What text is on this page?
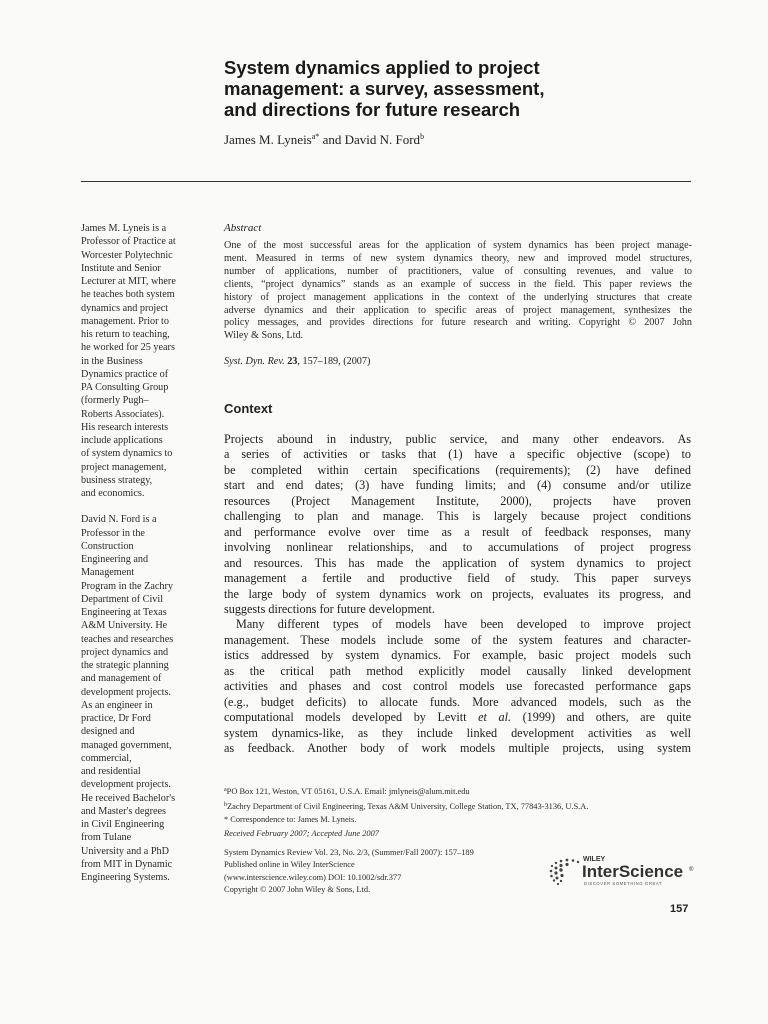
System dynamics applied to project
management: a survey, assessment,
and directions for future research
James M. Lyneis$^{a*}$ and David N. Ford$^b$
James M. Lyneis is a
Professor of Practice at
Worcester Polytechnic
Institute and Senior
Lecturer at MIT, where
he teaches both system
dynamics and project
management. Prior to
his return to teaching,
he worked for 25 years
in the Business
Dynamics practice of
PA Consulting Group
(formerly Pugh–
Roberts Associates).
His research interests
include applications
of system dynamics to
project management,
business strategy,
and economics.
David N. Ford is a
Professor in the
Construction
Engineering and
Management
Program in the Zachry
Department of Civil
Engineering at Texas
A&M University. He
teaches and researches
project dynamics and
the strategic planning
and management of
development projects.
As an engineer in
practice, Dr Ford
designed and
managed government,
commercial,
and residential
development projects.
He received Bachelor's
and Master's degrees
in Civil Engineering
from Tulane
University and a PhD
from MIT in Dynamic
Engineering Systems.
Abstract
One of the most successful areas for the application of system dynamics has been project manage-
ment. Measured in terms of new system dynamics theory, new and improved model structures,
number of applications, number of practitioners, value of consulting revenues, and value to
clients, “project dynamics” stands as an example of success in the field. This paper reviews the
history of project management applications in the context of the underlying structures that create
adverse dynamics and their application to specific areas of project management, synthesizes the
policy messages, and provides directions for future research and writing. Copyright © 2007 John
Wiley & Sons, Ltd.
Syst. Dyn. Rev. 23, 157–189, (2007)
Context
Projects abound in industry, public service, and many other endeavors. As
a series of activities or tasks that (1) have a specific objective (scope) to
be completed within certain specifications (requirements); (2) have defined
start and end dates; (3) have funding limits; and (4) consume and/or utilize
resources (Project Management Institute, 2000), projects have proven
challenging to plan and manage. This is largely because project conditions
and performance evolve over time as a result of feedback responses, many
involving nonlinear relationships, and to accumulations of project progress
and resources. This has made the application of system dynamics to project
management a fertile and productive field of study. This paper surveys
the large body of system dynamics work on projects, evaluates its progress, and
suggests directions for future development.
Many different types of models have been developed to improve project
management. These models include some of the system features and character-
istics addressed by system dynamics. For example, basic project models such
as the critical path method explicitly model causally linked development
activities and phases and cost control models use forecasted performance gaps
(e.g., budget deficits) to allocate funds. More advanced models, such as the
computational models developed by Levitt et al. (1999) and others, are quite
system dynamics-like, as they include linked development activities as well
as feedback. Another body of work models multiple projects, using system
$^a$PO Box 121, Weston, VT 05161, U.S.A. Email: jmlyneis@alum.mit.edu
$^b$Zachry Department of Civil Engineering, Texas A&M University, College Station, TX, 77843-3136, U.S.A.
* Correspondence to: James M. Lyneis.
Received February 2007; Accepted June 2007
System Dynamics Review Vol. 23, No. 2/3, (Summer/Fall 2007): 157–189
Published online in Wiley InterScience
(www.interscience.wiley.com) DOI: 10.1002/sdr.377
Copyright © 2007 John Wiley & Sons, Ltd.
WILEY
InterScience ®
DISCOVER SOMETHING GREAT
157
